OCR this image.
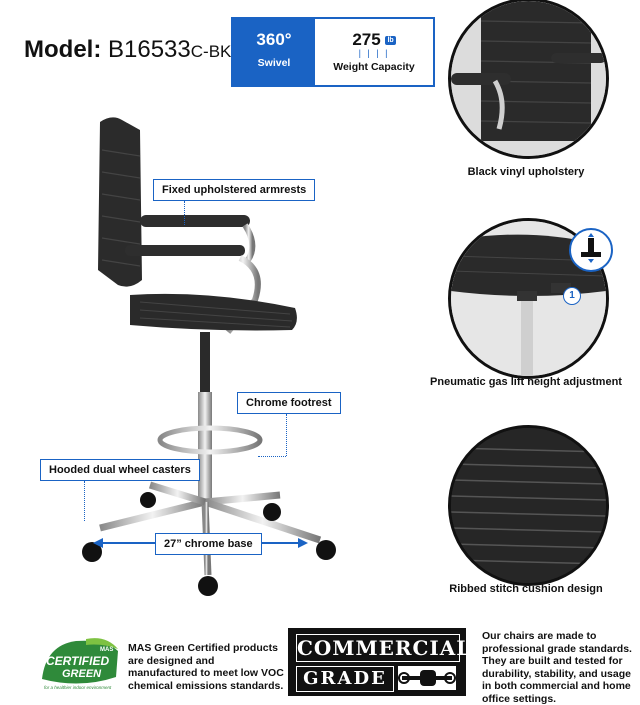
Model: B16533C-BK
360°
Swivel
275 lb
| | | |
Weight Capacity
Fixed upholstered armrests
Chrome footrest
Hooded dual wheel casters
27” chrome base
Black vinyl upholstery
1
Pneumatic gas lift height adjustment
Ribbed stitch cushion design
MAS
CERTIFIED
GREEN
for a healthier indoor environment
MAS Green Certified products are designed and manufactured to meet low VOC chemical emissions standards.
COMMERCIAL
GRADE
Our chairs are made to professional grade standards. They are built and tested for durability, stability, and usage in both commercial and home office settings.
